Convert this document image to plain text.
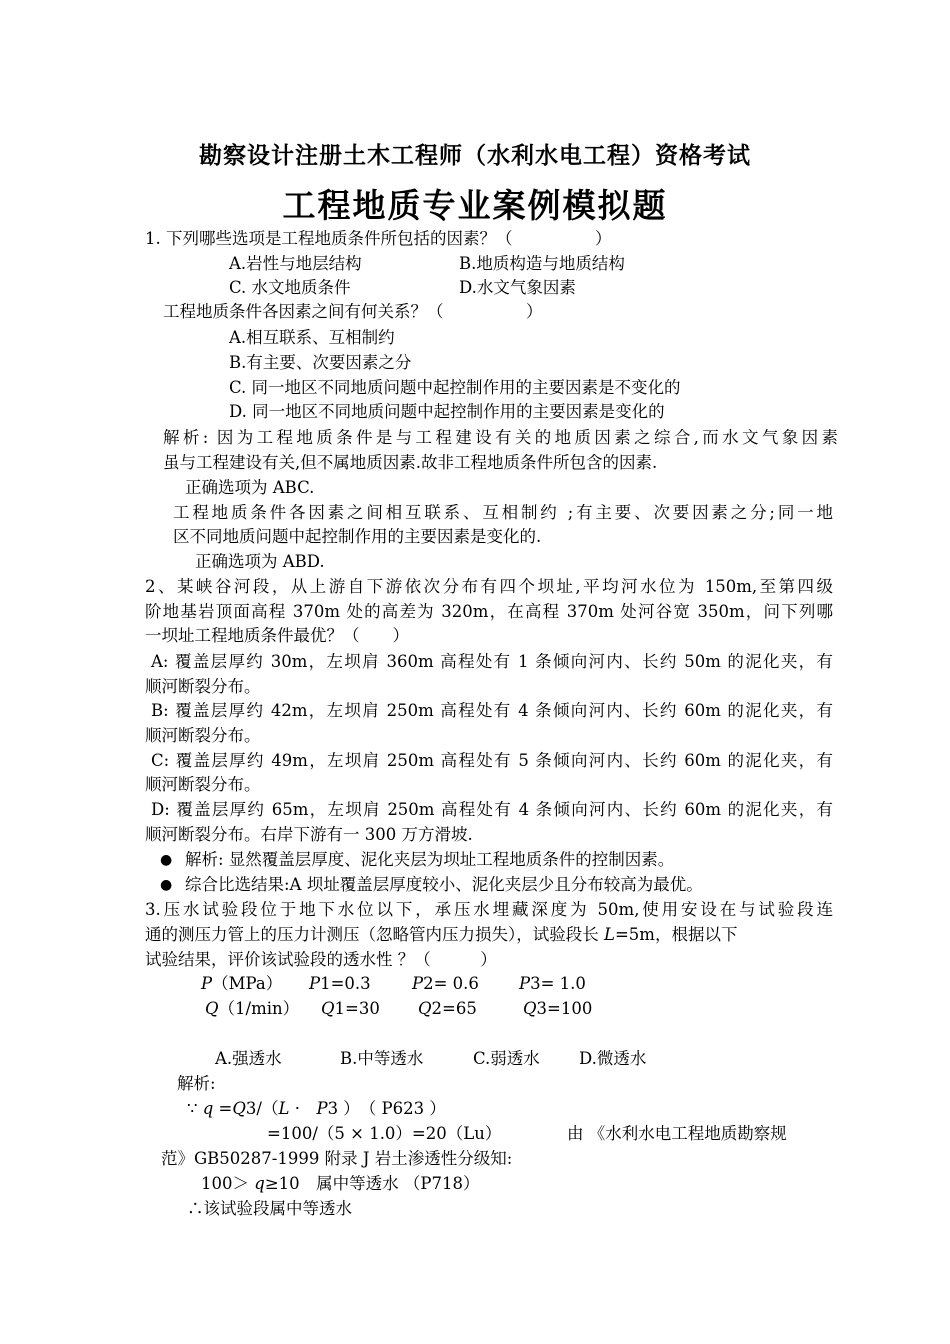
勘察设计注册土木工程师（水利水电工程）资格考试
工程地质专业案例模拟题
1. 下列哪些选项是工程地质条件所包括的因素？（　　　　　）
A.岩性与地层结构	B.地质构造与地质结构
C. 水文地质条件	D.水文气象因素
工程地质条件各因素之间有何关系？（　　　　　）
A.相互联系、互相制约
B.有主要、次要因素之分
C. 同一地区不同地质问题中起控制作用的主要因素是不变化的
D. 同一地区不同地质问题中起控制作用的主要因素是变化的
解析: 因为工程地质条件是与工程建设有关的地质因素之综合,而水文气象因素
虽与工程建设有关,但不属地质因素.故非工程地质条件所包含的因素.
正确选项为 ABC.
工程地质条件各因素之间相互联系、互相制约 ;有主要、次要因素之分;同一地
区不同地质问题中起控制作用的主要因素是变化的.
正确选项为 ABD.
2、某峡谷河段，从上游自下游依次分布有四个坝址,平均河水位为 150m,至第四级
阶地基岩顶面高程 370m 处的高差为 320m，在高程 370m 处河谷宽 350m，问下列哪
一坝址工程地质条件最优？（　　）
A: 覆盖层厚约 30m，左坝肩 360m 高程处有 1 条倾向河内、长约 50m 的泥化夹，有
顺河断裂分布。
B: 覆盖层厚约 42m，左坝肩 250m 高程处有 4 条倾向河内、长约 60m 的泥化夹，有
顺河断裂分布。
C: 覆盖层厚约 49m，左坝肩 250m 高程处有 5 条倾向河内、长约 60m 的泥化夹，有
顺河断裂分布。
D: 覆盖层厚约 65m，左坝肩 250m 高程处有 4 条倾向河内、长约 60m 的泥化夹，有
顺河断裂分布。右岸下游有一 300 万方滑坡.
● 解析: 显然覆盖层厚度、泥化夹层为坝址工程地质条件的控制因素。
● 综合比选结果:A 坝址覆盖层厚度较小、泥化夹层少且分布较高为最优。
3.压水试验段位于地下水位以下，承压水埋藏深度为 50m,使用安设在与试验段连
通的测压力管上的压力计测压（忽略管内压力损失），试验段长 L=5m，根据以下
试验结果，评价该试验段的透水性 ？（　　　）
P（MPa） P1=0.3	P2= 0.6 P3= 1.0
Q（1/min） Q1=30 Q2=65	Q3=100
A.强透水	B.中等透水	C.弱透水 D.微透水
解析:
∵ q =Q3/（L ·　P3 ）　（ P623 ）
=100/（5 × 1.0）=20（Lu）	由 《水利水电工程地质勘察规
范》GB50287-1999 附录 J 岩土渗透性分级知:
100＞ q≥10　属中等透水 （P718）
∴该试验段属中等透水
